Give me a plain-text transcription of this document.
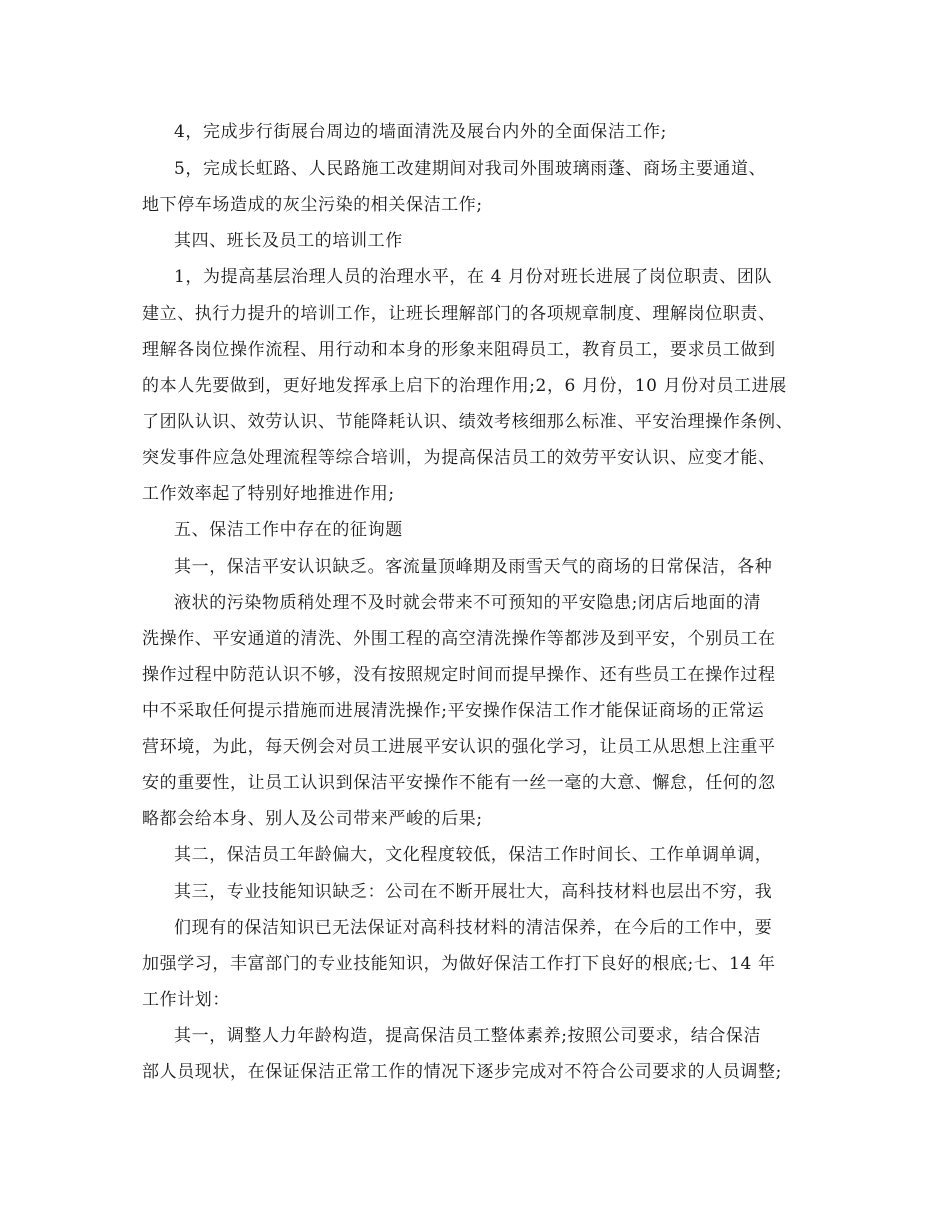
4，完成步行街展台周边的墙面清洗及展台内外的全面保洁工作;

5，完成长虹路、人民路施工改建期间对我司外围玻璃雨蓬、商场主要通道、

地下停车场造成的灰尘污染的相关保洁工作;

其四、班长及员工的培训工作

1，为提高基层治理人员的治理水平，在 4 月份对班长进展了岗位职责、团队

建立、执行力提升的培训工作，让班长理解部门的各项规章制度、理解岗位职责、

理解各岗位操作流程、用行动和本身的形象来阻碍员工，教育员工，要求员工做到

的本人先要做到，更好地发挥承上启下的治理作用;2，6 月份，10 月份对员工进展

了团队认识、效劳认识、节能降耗认识、绩效考核细那么标准、平安治理操作条例、

突发事件应急处理流程等综合培训，为提高保洁员工的效劳平安认识、应变才能、

工作效率起了特别好地推进作用;

五、保洁工作中存在的征询题

其一，保洁平安认识缺乏。客流量顶峰期及雨雪天气的商场的日常保洁，各种

液状的污染物质稍处理不及时就会带来不可预知的平安隐患;闭店后地面的清

洗操作、平安通道的清洗、外围工程的高空清洗操作等都涉及到平安，个别员工在

操作过程中防范认识不够，没有按照规定时间而提早操作、还有些员工在操作过程

中不采取任何提示措施而进展清洗操作;平安操作保洁工作才能保证商场的正常运

营环境，为此，每天例会对员工进展平安认识的强化学习，让员工从思想上注重平

安的重要性，让员工认识到保洁平安操作不能有一丝一毫的大意、懈怠，任何的忽

略都会给本身、别人及公司带来严峻的后果;

其二，保洁员工年龄偏大，文化程度较低，保洁工作时间长、工作单调单调，

其三，专业技能知识缺乏：公司在不断开展壮大，高科技材料也层出不穷，我

们现有的保洁知识已无法保证对高科技材料的清洁保养，在今后的工作中，要

加强学习，丰富部门的专业技能知识，为做好保洁工作打下良好的根底;七、14 年

工作计划：

其一，调整人力年龄构造，提高保洁员工整体素养;按照公司要求，结合保洁

部人员现状，在保证保洁正常工作的情况下逐步完成对不符合公司要求的人员调整;
